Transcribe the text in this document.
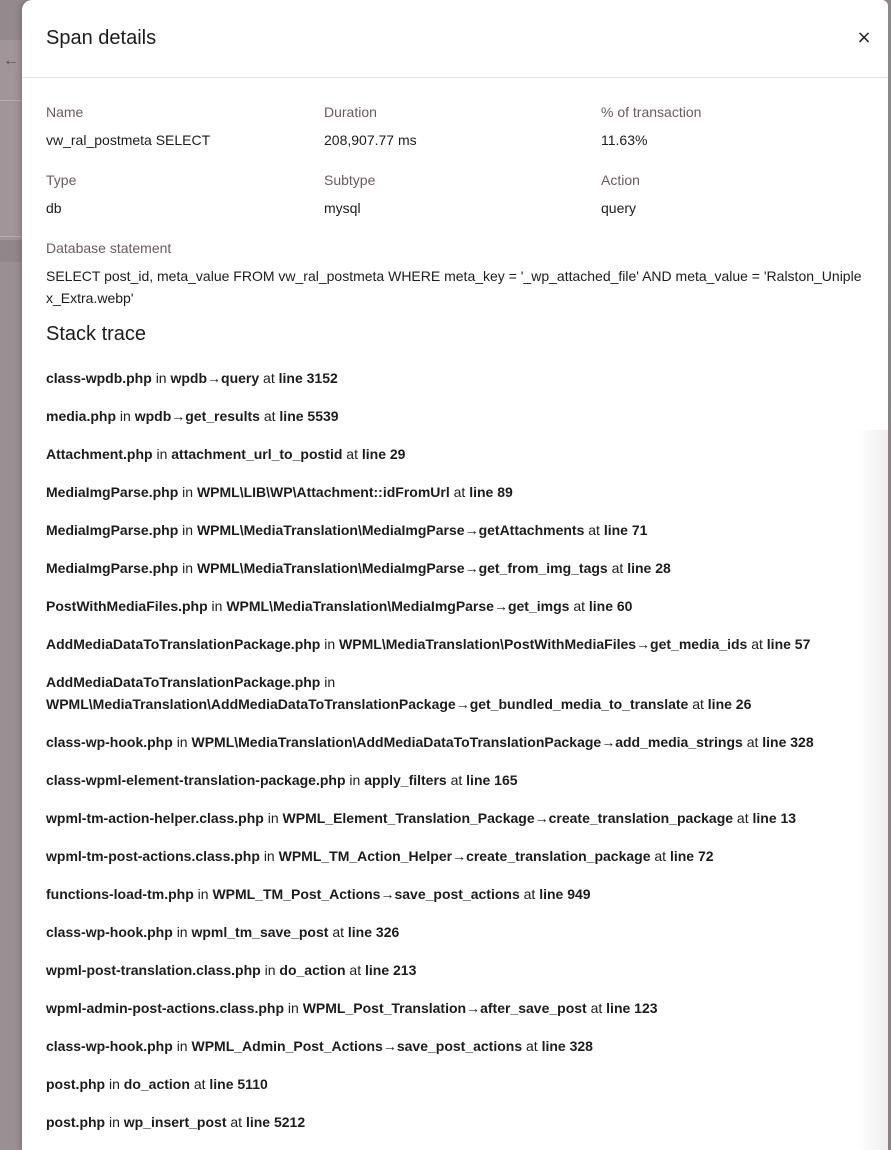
←
Span details	×
Name
vw_ral_postmeta SELECT
Duration
208,907.77 ms
% of transaction
11.63%
Type
db
Subtype
mysql
Action
query
Database statement
SELECT post_id, meta_value FROM vw_ral_postmeta WHERE meta_key = '_wp_attached_file' AND meta_value = 'Ralston_Uniplex_Extra.webp'
Stack trace
class-wpdb.php in wpdb→query at line 3152
media.php in wpdb→get_results at line 5539
Attachment.php in attachment_url_to_postid at line 29
MediaImgParse.php in WPML\LIB\WP\Attachment::idFromUrl at line 89
MediaImgParse.php in WPML\MediaTranslation\MediaImgParse→getAttachments at line 71
MediaImgParse.php in WPML\MediaTranslation\MediaImgParse→get_from_img_tags at line 28
PostWithMediaFiles.php in WPML\MediaTranslation\MediaImgParse→get_imgs at line 60
AddMediaDataToTranslationPackage.php in WPML\MediaTranslation\PostWithMediaFiles→get_media_ids at line 57
AddMediaDataToTranslationPackage.php in
WPML\MediaTranslation\AddMediaDataToTranslationPackage→get_bundled_media_to_translate at line 26
class-wp-hook.php in WPML\MediaTranslation\AddMediaDataToTranslationPackage→add_media_strings at line 328
class-wpml-element-translation-package.php in apply_filters at line 165
wpml-tm-action-helper.class.php in WPML_Element_Translation_Package→create_translation_package at line 13
wpml-tm-post-actions.class.php in WPML_TM_Action_Helper→create_translation_package at line 72
functions-load-tm.php in WPML_TM_Post_Actions→save_post_actions at line 949
class-wp-hook.php in wpml_tm_save_post at line 326
wpml-post-translation.class.php in do_action at line 213
wpml-admin-post-actions.class.php in WPML_Post_Translation→after_save_post at line 123
class-wp-hook.php in WPML_Admin_Post_Actions→save_post_actions at line 328
post.php in do_action at line 5110
post.php in wp_insert_post at line 5212
